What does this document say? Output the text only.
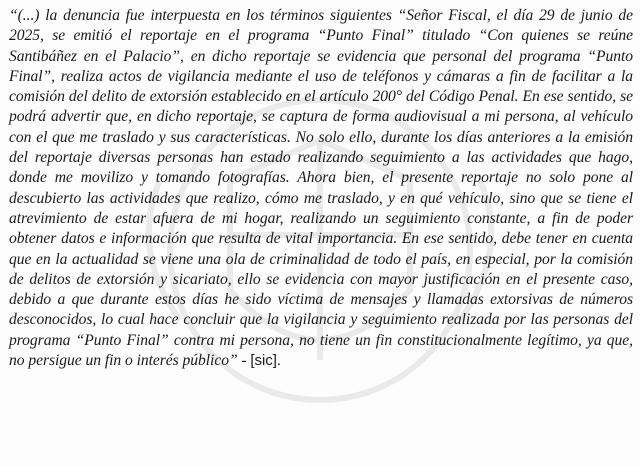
“(...) la denuncia fue interpuesta en los términos siguientes “Señor Fiscal, el día 29 de junio de 2025, se emitió el reportaje en el programa “Punto Final” titulado “Con quienes se reúne Santibáñez en el Palacio”, en dicho reportaje se evidencia que personal del programa “Punto Final”, realiza actos de vigilancia mediante el uso de teléfonos y cámaras a fin de facilitar a la comisión del delito de extorsión establecido en el artículo 200° del Código Penal. En ese sentido, se podrá advertir que, en dicho reportaje, se captura de forma audiovisual a mi persona, al vehículo con el que me traslado y sus características. No solo ello, durante los días anteriores a la emisión del reportaje diversas personas han estado realizando seguimiento a las actividades que hago, donde me movilizo y tomando fotografías. Ahora bien, el presente reportaje no solo pone al descubierto las actividades que realizo, cómo me traslado, y en qué vehículo, sino que se tiene el atrevimiento de estar afuera de mi hogar, realizando un seguimiento constante, a fin de poder obtener datos e información que resulta de vital importancia. En ese sentido, debe tener en cuenta que en la actualidad se viene una ola de criminalidad de todo el país, en especial, por la comisión de delitos de extorsión y sicariato, ello se evidencia con mayor justificación en el presente caso, debido a que durante estos días he sido víctima de mensajes y llamadas extorsivas de números desconocidos, lo cual hace concluir que la vigilancia y seguimiento realizada por las personas del programa “Punto Final” contra mi persona, no tiene un fin constitucionalmente legítimo, ya que, no persigue un fin o interés público” - [sic].
